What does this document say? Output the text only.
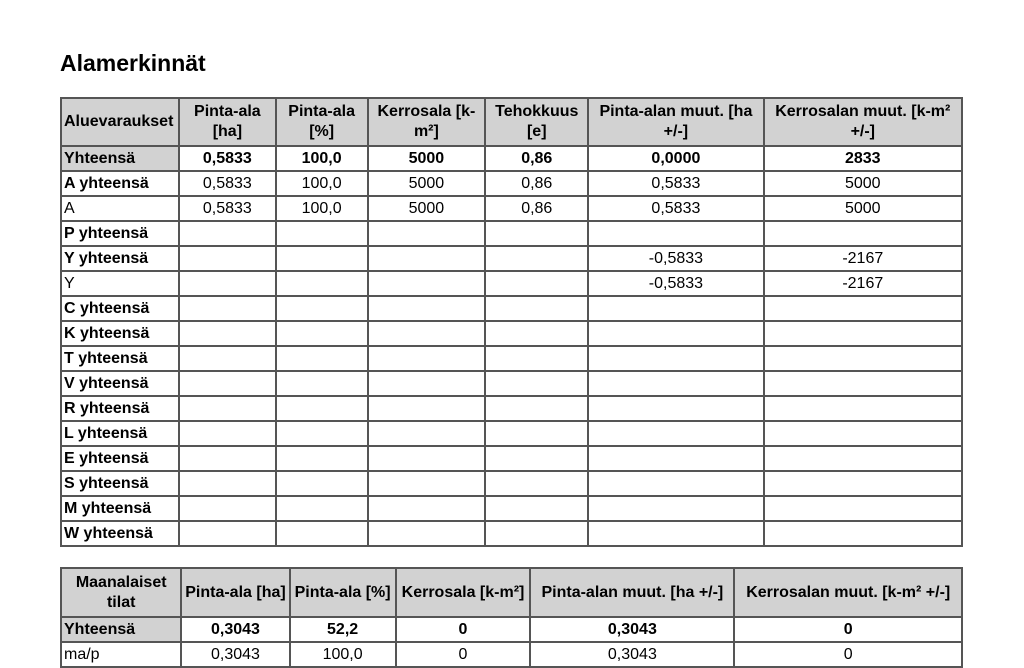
Alamerkinnät
Aluevaraukset	Pinta-ala [ha]	Pinta-ala [%]	Kerrosala [k-m²]	Tehokkuus [e]	Pinta-alan muut. [ha +/-]	Kerrosalan muut. [k-m² +/-]
Yhteensä	0,5833	100,0	5000	0,86	0,0000	2833
A yhteensä	0,5833	100,0	5000	0,86	0,5833	5000
A	0,5833	100,0	5000	0,86	0,5833	5000
P yhteensä						
Y yhteensä					-0,5833	-2167
Y					-0,5833	-2167
C yhteensä						
K yhteensä						
T yhteensä						
V yhteensä						
R yhteensä						
L yhteensä						
E yhteensä						
S yhteensä						
M yhteensä						
W yhteensä						
Maanalaiset tilat	Pinta-ala [ha]	Pinta-ala [%]	Kerrosala [k-m²]	Pinta-alan muut. [ha +/-]	Kerrosalan muut. [k-m² +/-]
Yhteensä	0,3043	52,2	0	0,3043	0
ma/p	0,3043	100,0	0	0,3043	0
